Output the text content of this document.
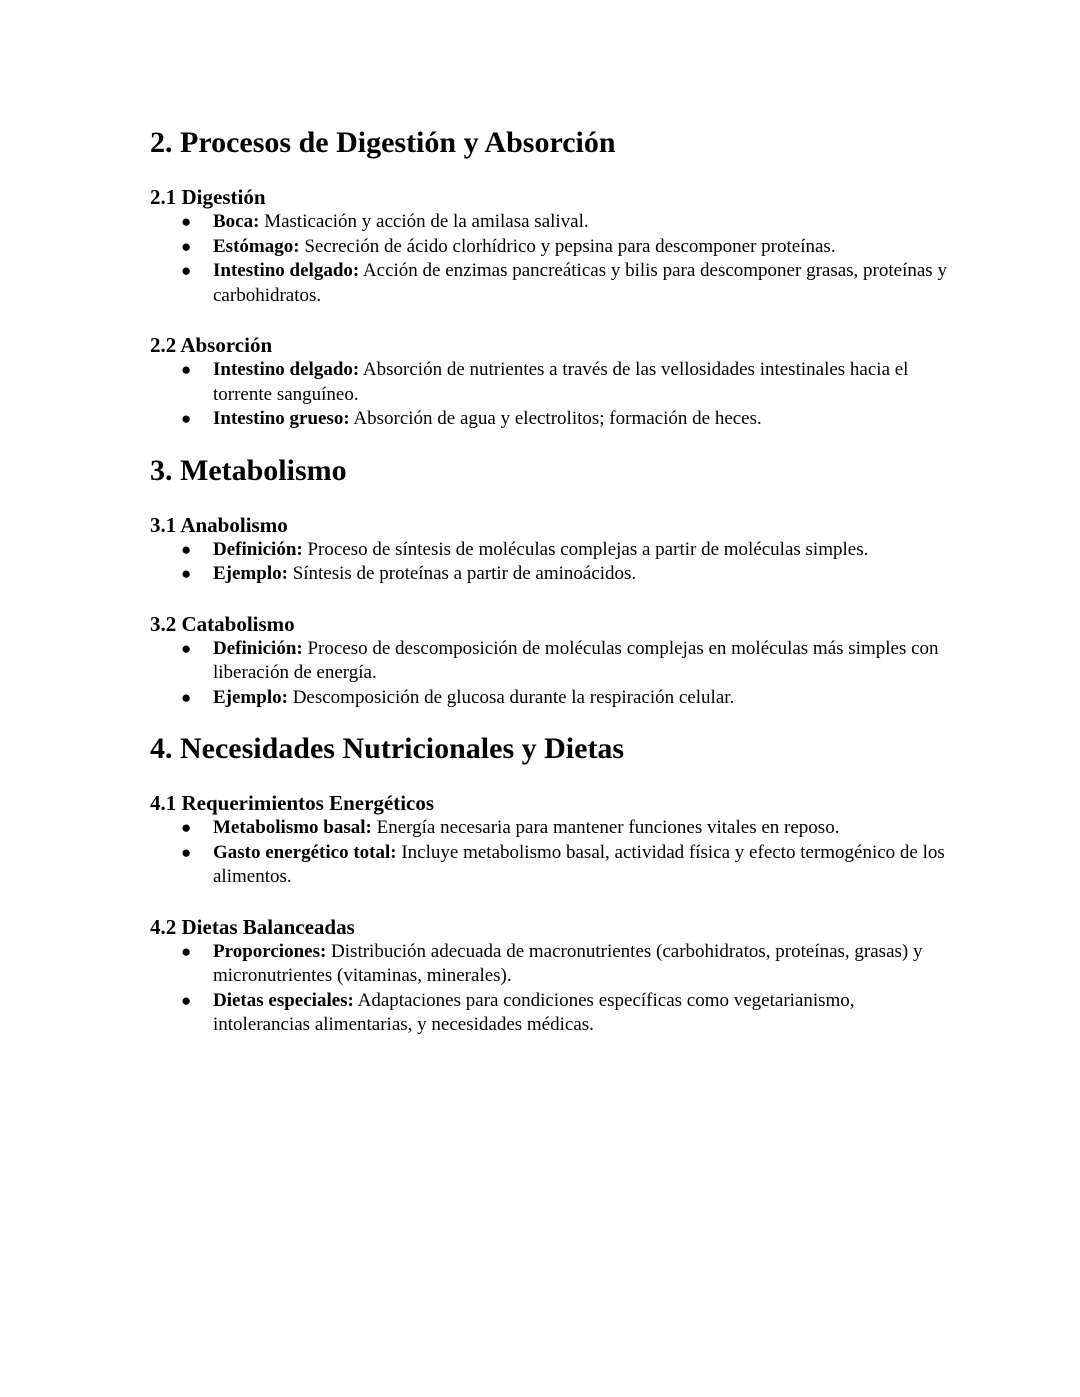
2. Procesos de Digestión y Absorción
2.1 Digestión
● Boca: Masticación y acción de la amilasa salival.
● Estómago: Secreción de ácido clorhídrico y pepsina para descomponer proteínas.
● Intestino delgado: Acción de enzimas pancreáticas y bilis para descomponer grasas, proteínas y carbohidratos.
2.2 Absorción
● Intestino delgado: Absorción de nutrientes a través de las vellosidades intestinales hacia el torrente sanguíneo.
● Intestino grueso: Absorción de agua y electrolitos; formación de heces.
3. Metabolismo
3.1 Anabolismo
● Definición: Proceso de síntesis de moléculas complejas a partir de moléculas simples.
● Ejemplo: Síntesis de proteínas a partir de aminoácidos.
3.2 Catabolismo
● Definición: Proceso de descomposición de moléculas complejas en moléculas más simples con liberación de energía.
● Ejemplo: Descomposición de glucosa durante la respiración celular.
4. Necesidades Nutricionales y Dietas
4.1 Requerimientos Energéticos
● Metabolismo basal: Energía necesaria para mantener funciones vitales en reposo.
● Gasto energético total: Incluye metabolismo basal, actividad física y efecto termogénico de los alimentos.
4.2 Dietas Balanceadas
● Proporciones: Distribución adecuada de macronutrientes (carbohidratos, proteínas, grasas) y micronutrientes (vitaminas, minerales).
● Dietas especiales: Adaptaciones para condiciones específicas como vegetarianismo, intolerancias alimentarias, y necesidades médicas.
